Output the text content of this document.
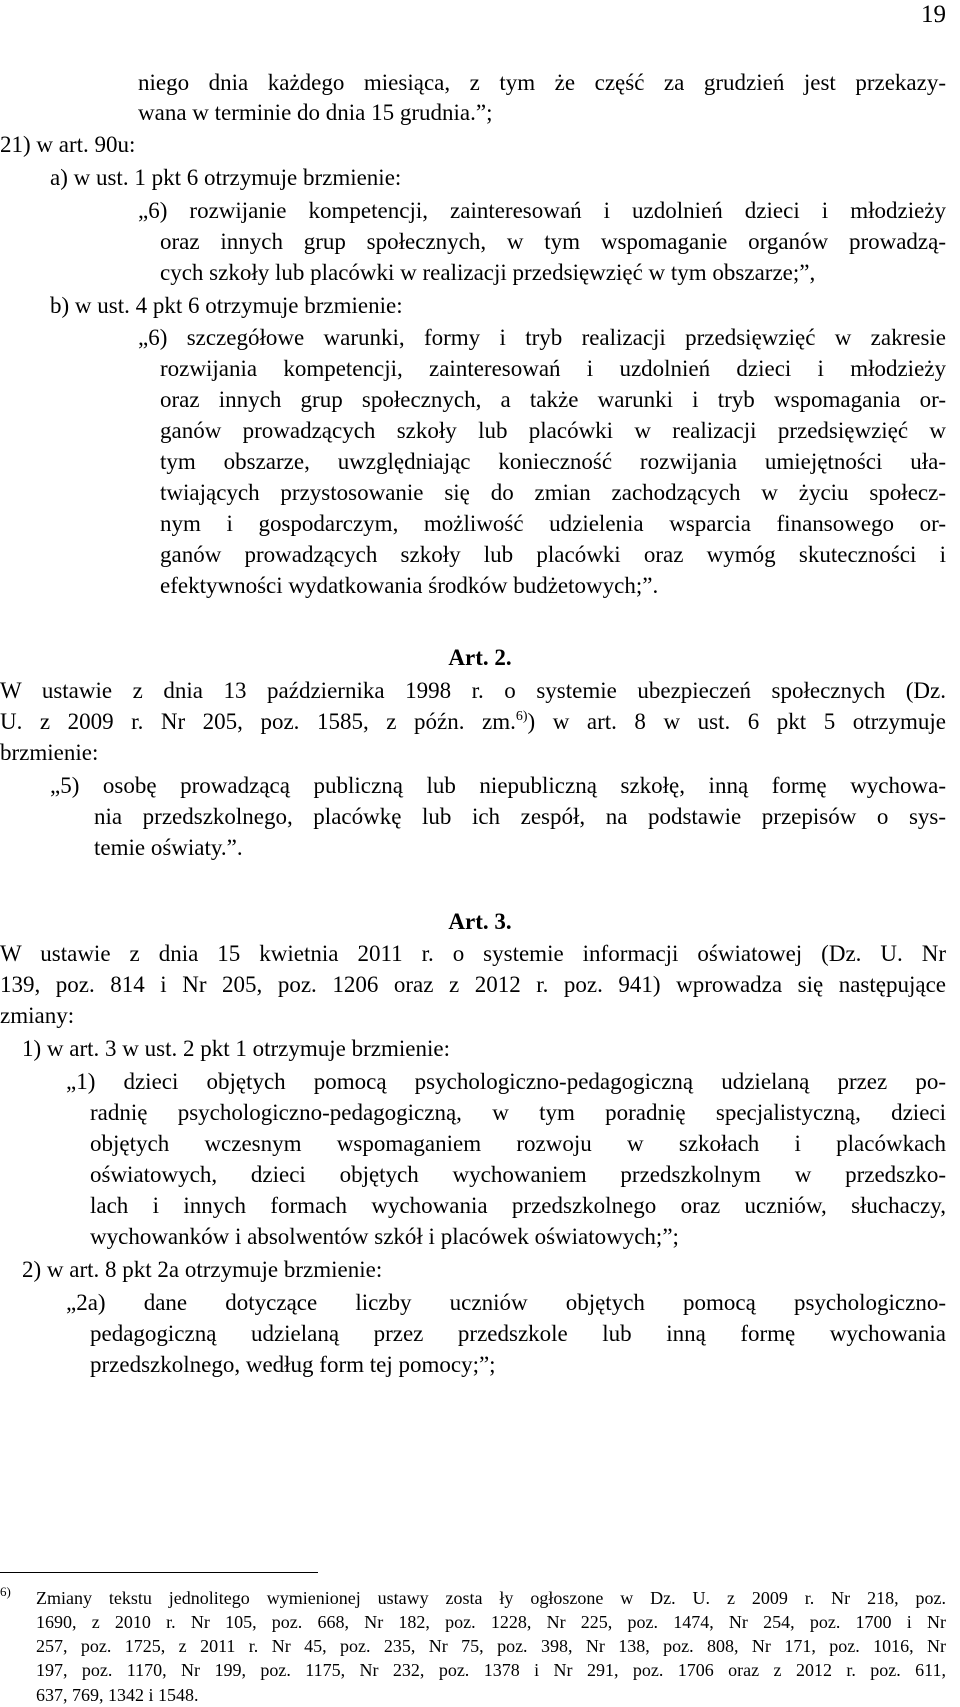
19
niego dnia każdego miesiąca, z tym że część za grudzień jest przekazy-
wana w terminie do dnia 15 grudnia.”;
21) w art. 90u:
a) w ust. 1 pkt 6 otrzymuje brzmienie:
„6) rozwijanie kompetencji, zainteresowań i uzdolnień dzieci i młodzieży
oraz innych grup społecznych, w tym wspomaganie organów prowadzą-
cych szkoły lub placówki w realizacji przedsięwzięć w tym obszarze;”,
b) w ust. 4 pkt 6 otrzymuje brzmienie:
„6) szczegółowe warunki, formy i tryb realizacji przedsięwzięć w zakresie
rozwijania kompetencji, zainteresowań i uzdolnień dzieci i młodzieży
oraz innych grup społecznych, a także warunki i tryb wspomagania or-
ganów prowadzących szkoły lub placówki w realizacji przedsięwzięć w
tym obszarze, uwzględniając konieczność rozwijania umiejętności uła-
twiających przystosowanie się do zmian zachodzących w życiu społecz-
nym i gospodarczym, możliwość udzielenia wsparcia finansowego or-
ganów prowadzących szkoły lub placówki oraz wymóg skuteczności i
efektywności wydatkowania środków budżetowych;”.
Art. 2.
W ustawie z dnia 13 października 1998 r. o systemie ubezpieczeń społecznych (Dz.
U. z 2009 r. Nr 205, poz. 1585, z późn. zm.$^{6)}$) w art. 8 w ust. 6 pkt 5 otrzymuje
brzmienie:
„5) osobę prowadzącą publiczną lub niepubliczną szkołę, inną formę wychowa-
nia przedszkolnego, placówkę lub ich zespół, na podstawie przepisów o sys-
temie oświaty.”.
Art. 3.
W ustawie z dnia 15 kwietnia 2011 r. o systemie informacji oświatowej (Dz. U. Nr
139, poz. 814 i Nr 205, poz. 1206 oraz z 2012 r. poz. 941) wprowadza się następujące
zmiany:
1) w art. 3 w ust. 2 pkt 1 otrzymuje brzmienie:
„1) dzieci objętych pomocą psychologiczno-pedagogiczną udzielaną przez po-
radnię psychologiczno-pedagogiczną, w tym poradnię specjalistyczną, dzieci
objętych wczesnym wspomaganiem rozwoju w szkołach i placówkach
oświatowych, dzieci objętych wychowaniem przedszkolnym w przedszko-
lach i innych formach wychowania przedszkolnego oraz uczniów, słuchaczy,
wychowanków i absolwentów szkół i placówek oświatowych;”;
2) w art. 8 pkt 2a otrzymuje brzmienie:
„2a) dane dotyczące liczby uczniów objętych pomocą psychologiczno-
pedagogiczną udzielaną przez przedszkole lub inną formę wychowania
przedszkolnego, według form tej pomocy;”;
6) Zmiany tekstu jednolitego wymienionej ustawy zosta ły ogłoszone w Dz. U. z 2009 r. Nr 218, poz.
1690, z 2010 r. Nr 105, poz. 668, Nr 182, poz. 1228, Nr 225, poz. 1474, Nr 254, poz. 1700 i Nr
257, poz. 1725, z 2011 r. Nr 45, poz. 235, Nr 75, poz. 398, Nr 138, poz. 808, Nr 171, poz. 1016, Nr
197, poz. 1170, Nr 199, poz. 1175, Nr 232, poz. 1378 i Nr 291, poz. 1706 oraz z 2012 r. poz. 611,
637, 769, 1342 i 1548.
